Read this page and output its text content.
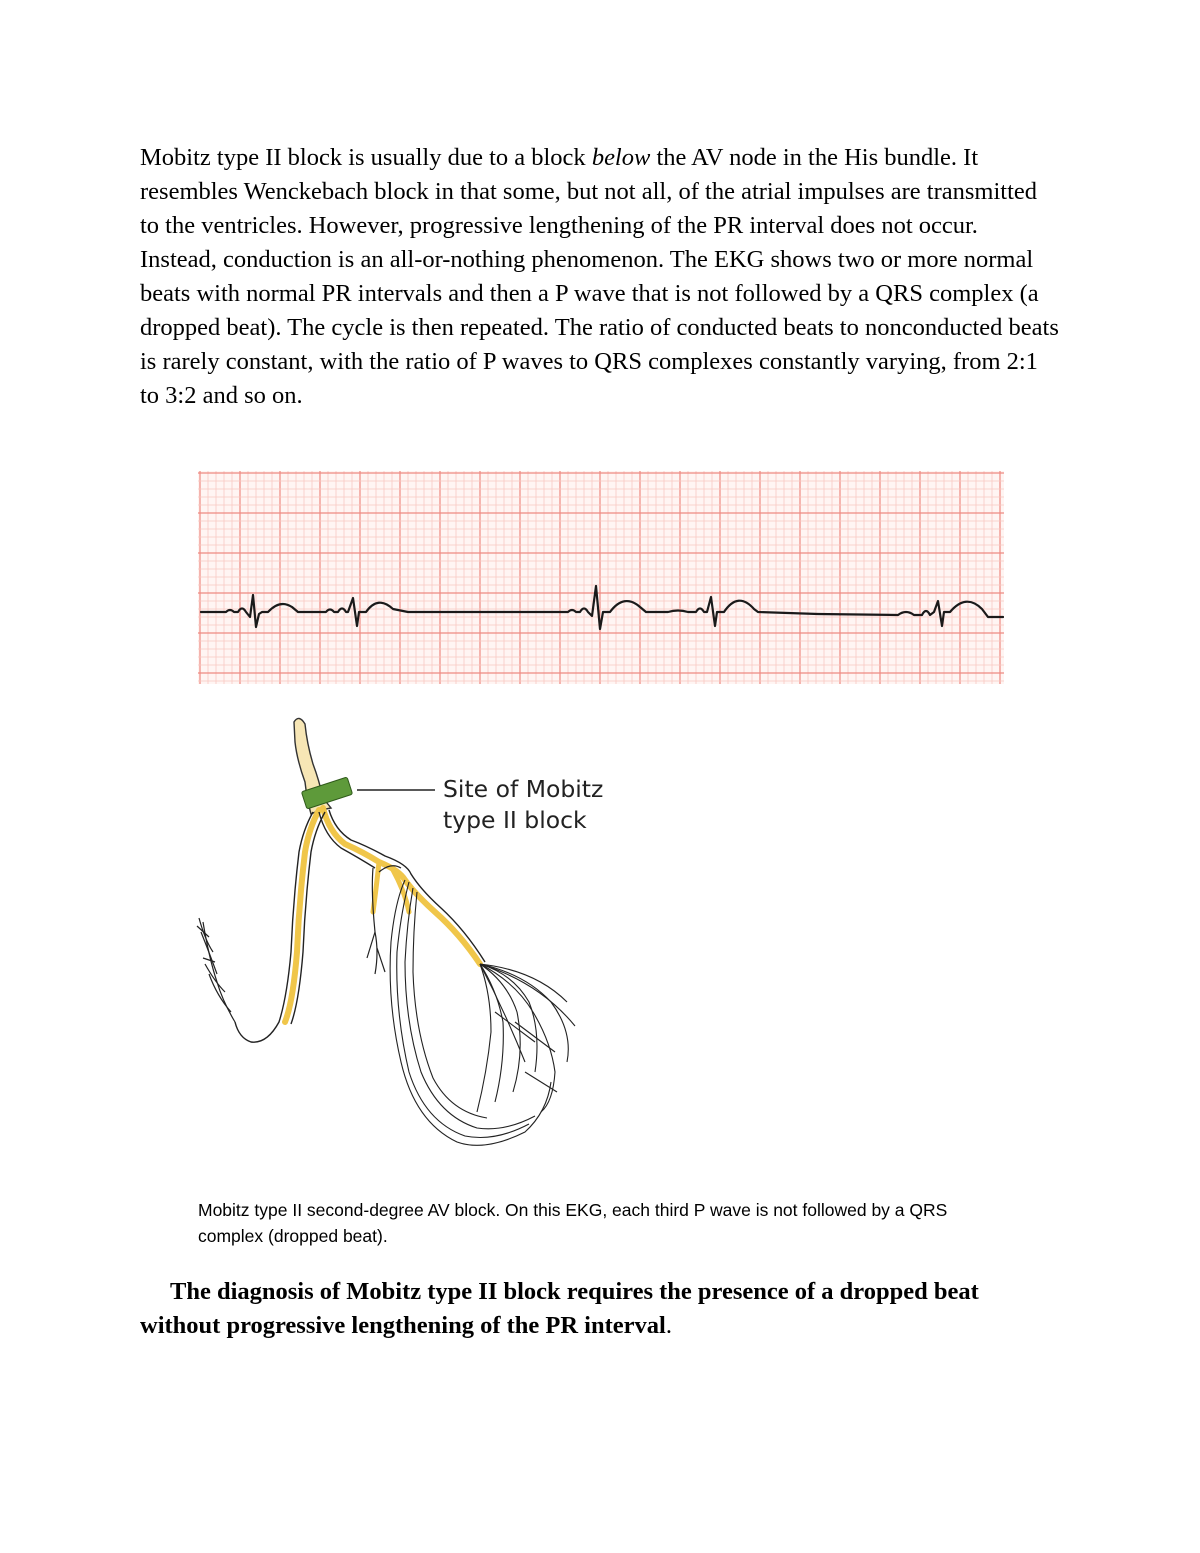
Mobitz type II block is usually due to a block below the AV node in the His bundle. It resembles Wenckebach block in that some, but not all, of the atrial impulses are transmitted to the ventricles. However, progressive lengthening of the PR interval does not occur. Instead, conduction is an all-or-nothing phenomenon. The EKG shows two or more normal beats with normal PR intervals and then a P wave that is not followed by a QRS complex (a dropped beat). The cycle is then repeated. The ratio of conducted beats to nonconducted beats is rarely constant, with the ratio of P waves to QRS complexes constantly varying, from 2:1 to 3:2 and so on.

Site of Mobitz
type II block

Mobitz type II second-degree AV block. On this EKG, each third P wave is not followed by a QRS complex (dropped beat).

The diagnosis of Mobitz type II block requires the presence of a dropped beat without progressive lengthening of the PR interval.
